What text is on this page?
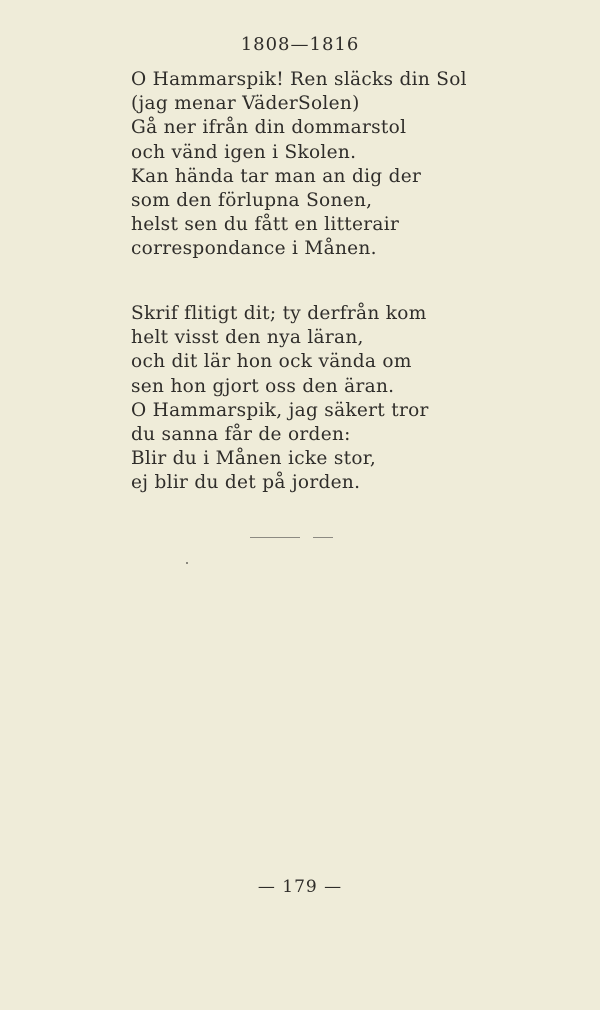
1808—1816
O Hammarspik! Ren släcks din Sol
(jag menar VäderSolen)
Gå ner ifrån din dommarstol
och vänd igen i Skolen.
Kan hända tar man an dig der
som den förlupna Sonen,
helst sen du fått en litterair
correspondance i Månen.
Skrif flitigt dit; ty derfrån kom
helt visst den nya läran,
och dit lär hon ock vända om
sen hon gjort oss den äran.
O Hammarspik, jag säkert tror
du sanna får de orden:
Blir du i Månen icke stor,
ej blir du det på jorden.
— 179 —
